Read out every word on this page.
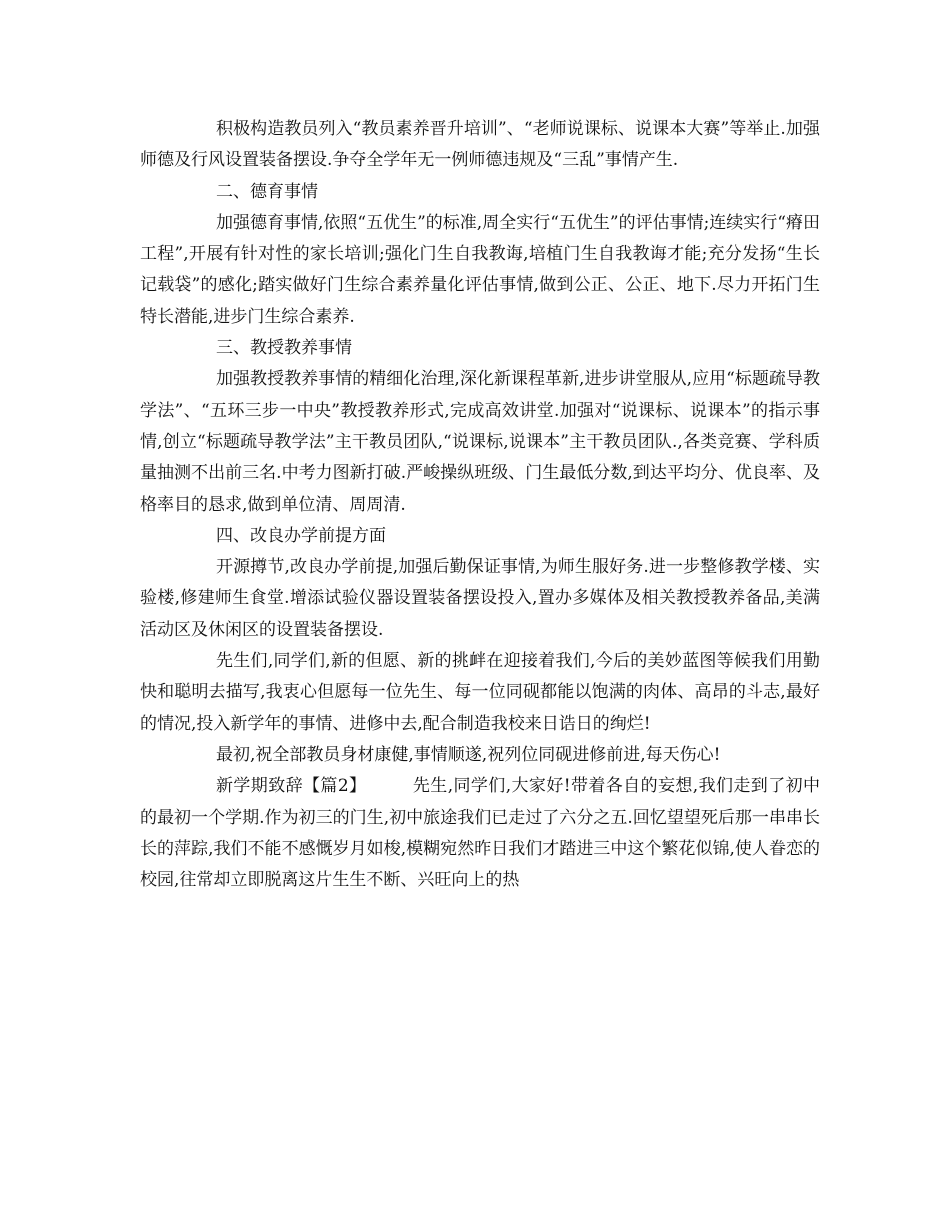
积极构造教员列入“教员素养晋升培训”、“老师说课标、说课本大赛”等举止.加强师德及行风设置装备摆设.争夺全学年无一例师德违规及“三乱”事情产生.

二、德育事情

加强德育事情,依照“五优生”的标准,周全实行“五优生”的评估事情;连续实行“瘠田工程”,开展有针对性的家长培训;强化门生自我教诲,培植门生自我教诲才能;充分发扬“生长记载袋”的感化;踏实做好门生综合素养量化评估事情,做到公正、公正、地下.尽力开拓门生特长潜能,进步门生综合素养.

三、教授教养事情

加强教授教养事情的精细化治理,深化新课程革新,进步讲堂服从,应用“标题疏导教学法”、“五环三步一中央”教授教养形式,完成高效讲堂.加强对“说课标、说课本”的指示事情,创立“标题疏导教学法”主干教员团队,“说课标,说课本”主干教员团队.,各类竞赛、学科质量抽测不出前三名.中考力图新打破.严峻操纵班级、门生最低分数,到达平均分、优良率、及格率目的恳求,做到单位清、周周清.

四、改良办学前提方面

开源撙节,改良办学前提,加强后勤保证事情,为师生服好务.进一步整修教学楼、实验楼,修建师生食堂.增添试验仪器设置装备摆设投入,置办多媒体及相关教授教养备品,美满活动区及休闲区的设置装备摆设.

先生们,同学们,新的但愿、新的挑衅在迎接着我们,今后的美妙蓝图等候我们用勤快和聪明去描写,我衷心但愿每一位先生、每一位同砚都能以饱满的肉体、高昂的斗志,最好的情况,投入新学年的事情、进修中去,配合制造我校来日诰日的绚烂!

最初,祝全部教员身材康健,事情顺遂,祝列位同砚进修前进,每天伤心!

新学期致辞【篇2】        先生,同学们,大家好!带着各自的妄想,我们走到了初中的最初一个学期.作为初三的门生,初中旅途我们已走过了六分之五.回忆望望死后那一串串长长的萍踪,我们不能不感慨岁月如梭,模糊宛然昨日我们才踏进三中这个繁花似锦,使人眷恋的校园,往常却立即脱离这片生生不断、兴旺向上的热
